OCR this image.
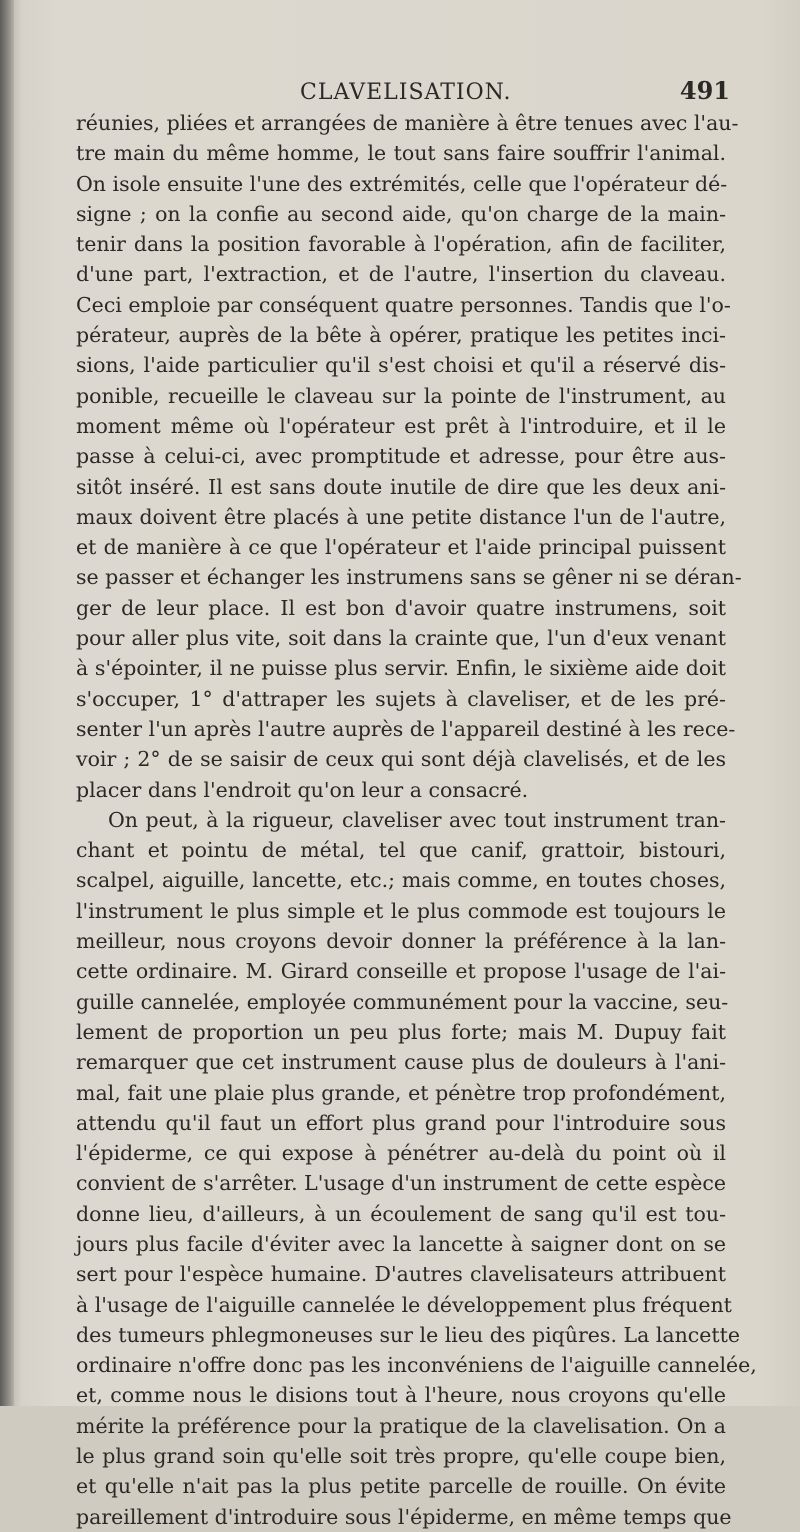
CLAVELISATION.	491
réunies, pliées et arrangées de manière à être tenues avec l'au-
tre main du même homme, le tout sans faire souffrir l'animal.
On isole ensuite l'une des extrémités, celle que l'opérateur dé-
signe ; on la confie au second aide, qu'on charge de la main-
tenir dans la position favorable à l'opération, afin de faciliter,
d'une part, l'extraction, et de l'autre, l'insertion du claveau.
Ceci emploie par conséquent quatre personnes. Tandis que l'o-
pérateur, auprès de la bête à opérer, pratique les petites inci-
sions, l'aide particulier qu'il s'est choisi et qu'il a réservé dis-
ponible, recueille le claveau sur la pointe de l'instrument, au
moment même où l'opérateur est prêt à l'introduire, et il le
passe à celui-ci, avec promptitude et adresse, pour être aus-
sitôt inséré. Il est sans doute inutile de dire que les deux ani-
maux doivent être placés à une petite distance l'un de l'autre,
et de manière à ce que l'opérateur et l'aide principal puissent
se passer et échanger les instrumens sans se gêner ni se déran-
ger de leur place. Il est bon d'avoir quatre instrumens, soit
pour aller plus vite, soit dans la crainte que, l'un d'eux venant
à s'épointer, il ne puisse plus servir. Enfin, le sixième aide doit
s'occuper, 1° d'attraper les sujets à claveliser, et de les pré-
senter l'un après l'autre auprès de l'appareil destiné à les rece-
voir ; 2° de se saisir de ceux qui sont déjà clavelisés, et de les
placer dans l'endroit qu'on leur a consacré.
On peut, à la rigueur, claveliser avec tout instrument tran-
chant et pointu de métal, tel que canif, grattoir, bistouri,
scalpel, aiguille, lancette, etc.; mais comme, en toutes choses,
l'instrument le plus simple et le plus commode est toujours le
meilleur, nous croyons devoir donner la préférence à la lan-
cette ordinaire. M. Girard conseille et propose l'usage de l'ai-
guille cannelée, employée communément pour la vaccine, seu-
lement de proportion un peu plus forte; mais M. Dupuy fait
remarquer que cet instrument cause plus de douleurs à l'ani-
mal, fait une plaie plus grande, et pénètre trop profondément,
attendu qu'il faut un effort plus grand pour l'introduire sous
l'épiderme, ce qui expose à pénétrer au-delà du point où il
convient de s'arrêter. L'usage d'un instrument de cette espèce
donne lieu, d'ailleurs, à un écoulement de sang qu'il est tou-
jours plus facile d'éviter avec la lancette à saigner dont on se
sert pour l'espèce humaine. D'autres clavelisateurs attribuent
à l'usage de l'aiguille cannelée le développement plus fréquent
des tumeurs phlegmoneuses sur le lieu des piqûres. La lancette
ordinaire n'offre donc pas les inconvéniens de l'aiguille cannelée,
et, comme nous le disions tout à l'heure, nous croyons qu'elle
mérite la préférence pour la pratique de la clavelisation. On a
le plus grand soin qu'elle soit très propre, qu'elle coupe bien,
et qu'elle n'ait pas la plus petite parcelle de rouille. On évite
pareillement d'introduire sous l'épiderme, en même temps que
